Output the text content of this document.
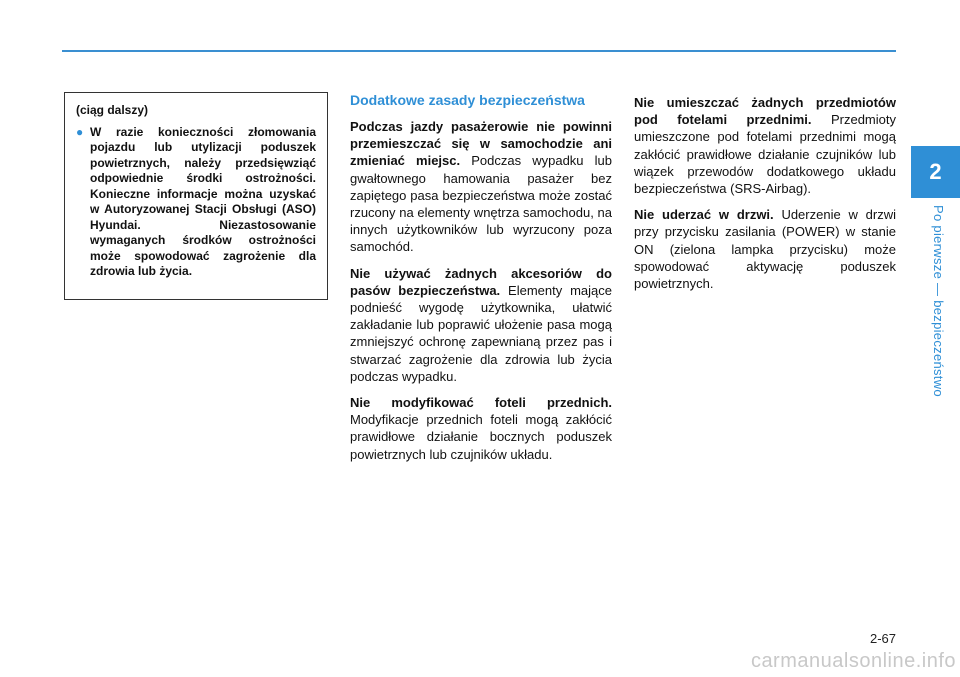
2
Po pierwsze — bezpieczeństwo
(ciąg dalszy)
● W razie konieczności złomowania pojazdu lub utylizacji poduszek powietrznych, należy przedsięwziąć odpowiednie środki ostrożności. Konieczne informacje można uzyskać w Autoryzowanej Stacji Obsługi (ASO) Hyundai. Niezastosowanie wymaganych środków ostrożności może spowodować zagrożenie dla zdrowia lub życia.
Dodatkowe zasady bezpieczeństwa

Podczas jazdy pasażerowie nie powinni przemieszczać się w samochodzie ani zmieniać miejsc. Podczas wypadku lub gwałtownego hamowania pasażer bez zapiętego pasa bezpieczeństwa może zostać rzucony na elementy wnętrza samochodu, na innych użytkowników lub wyrzucony poza samochód.

Nie używać żadnych akcesoriów do pasów bezpieczeństwa. Elementy mające podnieść wygodę użytkownika, ułatwić zakładanie lub poprawić ułożenie pasa mogą zmniejszyć ochronę zapewnianą przez pas i stwarzać zagrożenie dla zdrowia lub życia podczas wypadku.

Nie modyfikować foteli przednich. Modyfikacje przednich foteli mogą zakłócić prawidłowe działanie bocznych poduszek powietrznych lub czujników układu.

Nie umieszczać żadnych przedmiotów pod fotelami przednimi. Przedmioty umieszczone pod fotelami przednimi mogą zakłócić prawidłowe działanie czujników lub wiązek przewodów dodatkowego układu bezpieczeństwa (SRS-Airbag).

Nie uderzać w drzwi. Uderzenie w drzwi przy przycisku zasilania (POWER) w stanie ON (zielona lampka przycisku) może spowodować aktywację poduszek powietrznych.

2-67
carmanualsonline.info
